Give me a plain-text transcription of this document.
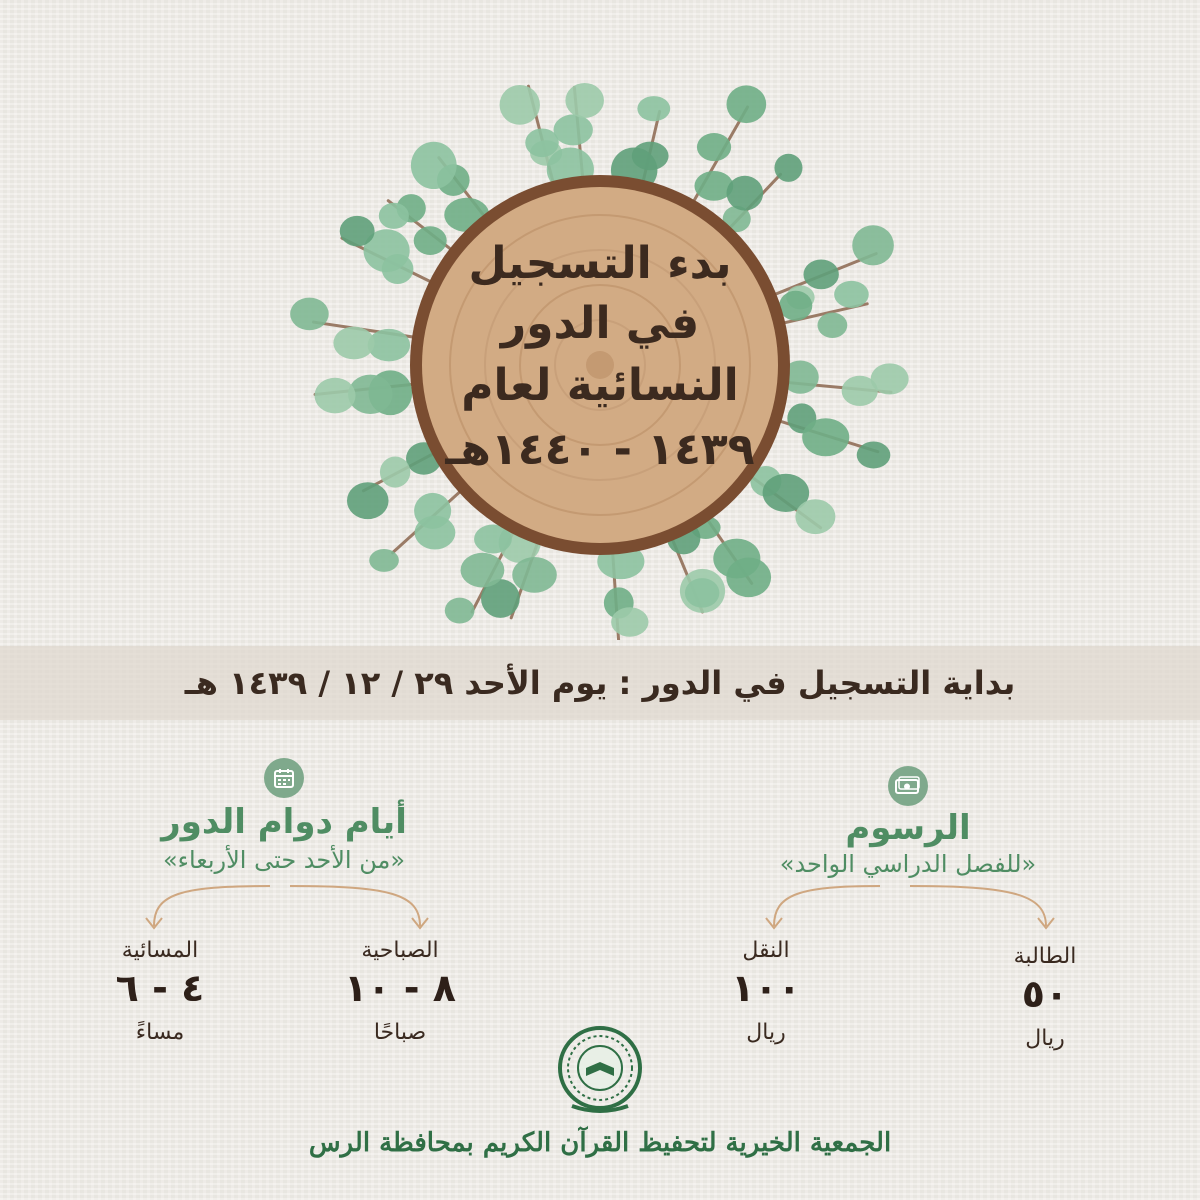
بدء التسجيل
في الدور
النسائية لعام
١٤٣٩ - ١٤٤٠هـ
بداية التسجيل في الدور : يوم الأحد ٢٩ / ١٢ / ١٤٣٩ هـ
الرسوم
«للفصل الدراسي الواحد»
الطالبة
٥٠
ريال
النقل
١٠٠
ريال
أيام دوام الدور
«من الأحد حتى الأربعاء»
الصباحية
٨ - ١٠
صباحًا
المسائية
٤ - ٦
مساءً
الجمعية الخيرية لتحفيظ القرآن الكريم بمحافظة الرس
